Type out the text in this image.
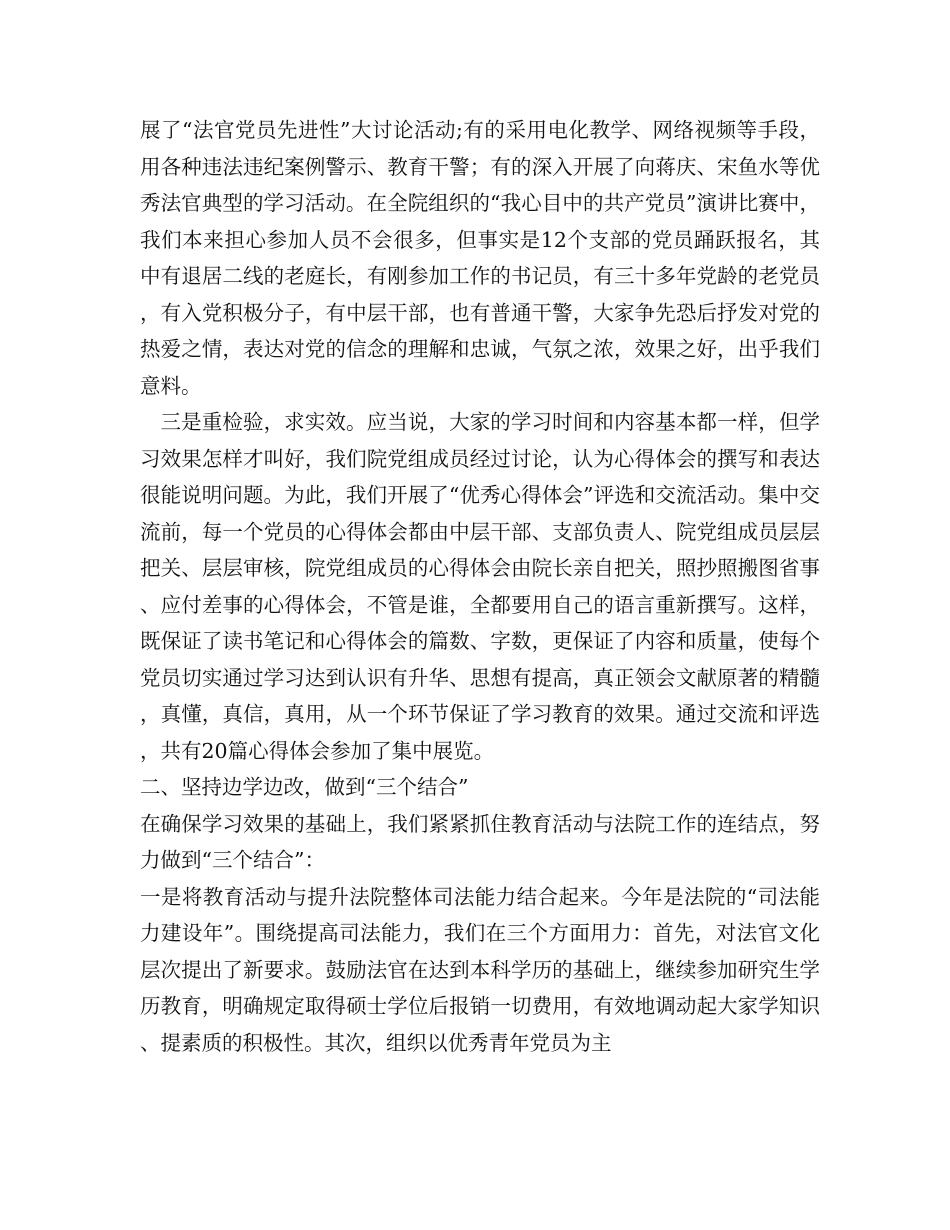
展了“法官党员先进性”大讨论活动;有的采用电化教学、网络视频等手段，用各种违法违纪案例警示、教育干警；有的深入开展了向蒋庆、宋鱼水等优秀法官典型的学习活动。在全院组织的“我心目中的共产党员”演讲比赛中，我们本来担心参加人员不会很多，但事实是12个支部的党员踊跃报名，其中有退居二线的老庭长，有刚参加工作的书记员，有三十多年党龄的老党员，有入党积极分子，有中层干部，也有普通干警，大家争先恐后抒发对党的热爱之情，表达对党的信念的理解和忠诚，气氛之浓，效果之好，出乎我们意料。

三是重检验，求实效。应当说，大家的学习时间和内容基本都一样，但学习效果怎样才叫好，我们院党组成员经过讨论，认为心得体会的撰写和表达很能说明问题。为此，我们开展了“优秀心得体会”评选和交流活动。集中交流前，每一个党员的心得体会都由中层干部、支部负责人、院党组成员层层把关、层层审核，院党组成员的心得体会由院长亲自把关，照抄照搬图省事、应付差事的心得体会，不管是谁，全都要用自己的语言重新撰写。这样，既保证了读书笔记和心得体会的篇数、字数，更保证了内容和质量，使每个党员切实通过学习达到认识有升华、思想有提高，真正领会文献原著的精髓，真懂，真信，真用，从一个环节保证了学习教育的效果。通过交流和评选，共有20篇心得体会参加了集中展览。

二、坚持边学边改，做到“三个结合”

在确保学习效果的基础上，我们紧紧抓住教育活动与法院工作的连结点，努力做到“三个结合”：

一是将教育活动与提升法院整体司法能力结合起来。今年是法院的“司法能力建设年”。围绕提高司法能力，我们在三个方面用力：首先，对法官文化层次提出了新要求。鼓励法官在达到本科学历的基础上，继续参加研究生学历教育，明确规定取得硕士学位后报销一切费用，有效地调动起大家学知识、提素质的积极性。其次，组织以优秀青年党员为主
